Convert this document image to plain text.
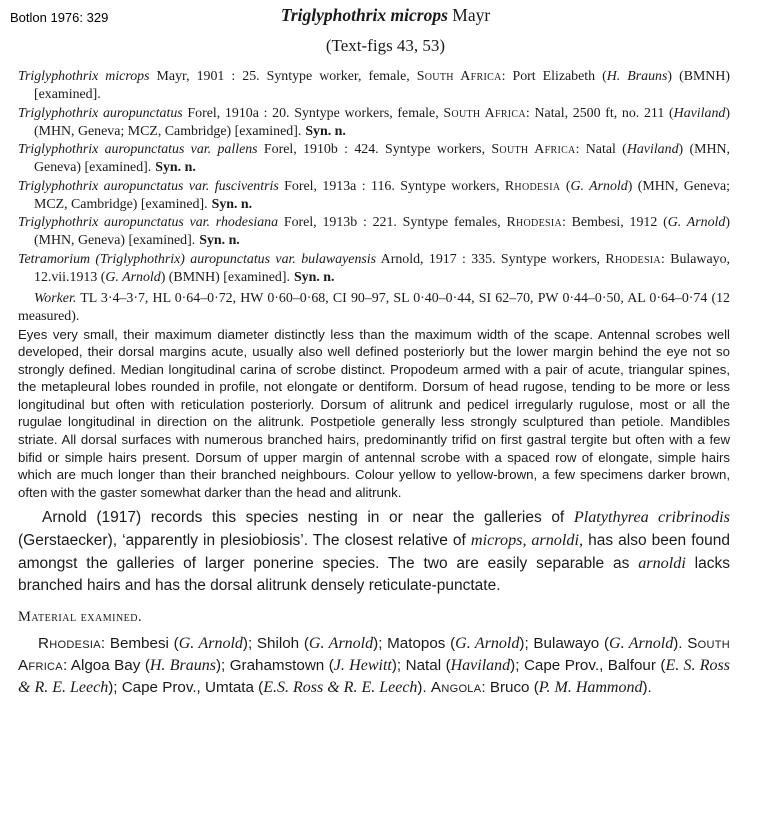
Botlon 1976: 329	Triglyphothrix microps Mayr
(Text-figs 43, 53)

Triglyphothrix microps Mayr, 1901 : 25. Syntype worker, female, South Africa: Port Elizabeth (H. Brauns) (BMNH) [examined].

Triglyphothrix auropunctatus Forel, 1910a : 20. Syntype workers, female, South Africa: Natal, 2500 ft, no. 211 (Haviland) (MHN, Geneva; MCZ, Cambridge) [examined]. Syn. n.

Triglyphothrix auropunctatus var. pallens Forel, 1910b : 424. Syntype workers, South Africa: Natal (Haviland) (MHN, Geneva) [examined]. Syn. n.

Triglyphothrix auropunctatus var. fusciventris Forel, 1913a : 116. Syntype workers, Rhodesia (G. Arnold) (MHN, Geneva; MCZ, Cambridge) [examined]. Syn. n.

Triglyphothrix auropunctatus var. rhodesiana Forel, 1913b : 221. Syntype females, Rhodesia: Bembesi, 1912 (G. Arnold) (MHN, Geneva) [examined]. Syn. n.

Tetramorium (Triglyphothrix) auropunctatus var. bulawayensis Arnold, 1917 : 335. Syntype workers, Rhodesia: Bulawayo, 12.vii.1913 (G. Arnold) (BMNH) [examined]. Syn. n.

Worker. TL 3·4–3·7, HL 0·64–0·72, HW 0·60–0·68, CI 90–97, SL 0·40–0·44, SI 62–70, PW 0·44–0·50, AL 0·64–0·74 (12 measured).

Eyes very small, their maximum diameter distinctly less than the maximum width of the scape. Antennal scrobes well developed, their dorsal margins acute, usually also well defined posteriorly but the lower margin behind the eye not so strongly defined. Median longitudinal carina of scrobe distinct. Propodeum armed with a pair of acute, triangular spines, the metapleural lobes rounded in profile, not elongate or dentiform. Dorsum of head rugose, tending to be more or less longitudinal but often with reticulation posteriorly. Dorsum of alitrunk and pedicel irregularly rugulose, most or all the rugulae longitudinal in direction on the alitrunk. Postpetiole generally less strongly sculptured than petiole. Mandibles striate. All dorsal surfaces with numerous branched hairs, predominantly trifid on first gastral tergite but often with a few bifid or simple hairs present. Dorsum of upper margin of antennal scrobe with a spaced row of elongate, simple hairs which are much longer than their branched neighbours. Colour yellow to yellow-brown, a few specimens darker brown, often with the gaster somewhat darker than the head and alitrunk.

Arnold (1917) records this species nesting in or near the galleries of Platythyrea cribrinodis (Gerstaecker), ‘apparently in plesiobiosis’. The closest relative of microps, arnoldi, has also been found amongst the galleries of larger ponerine species. The two are easily separable as arnoldi lacks branched hairs and has the dorsal alitrunk densely reticulate-punctate.

Material examined.

Rhodesia: Bembesi (G. Arnold); Shiloh (G. Arnold); Matopos (G. Arnold); Bulawayo (G. Arnold). South Africa: Algoa Bay (H. Brauns); Grahamstown (J. Hewitt); Natal (Haviland); Cape Prov., Balfour (E. S. Ross & R. E. Leech); Cape Prov., Umtata (E.S. Ross & R. E. Leech). Angola: Bruco (P. M. Hammond).
